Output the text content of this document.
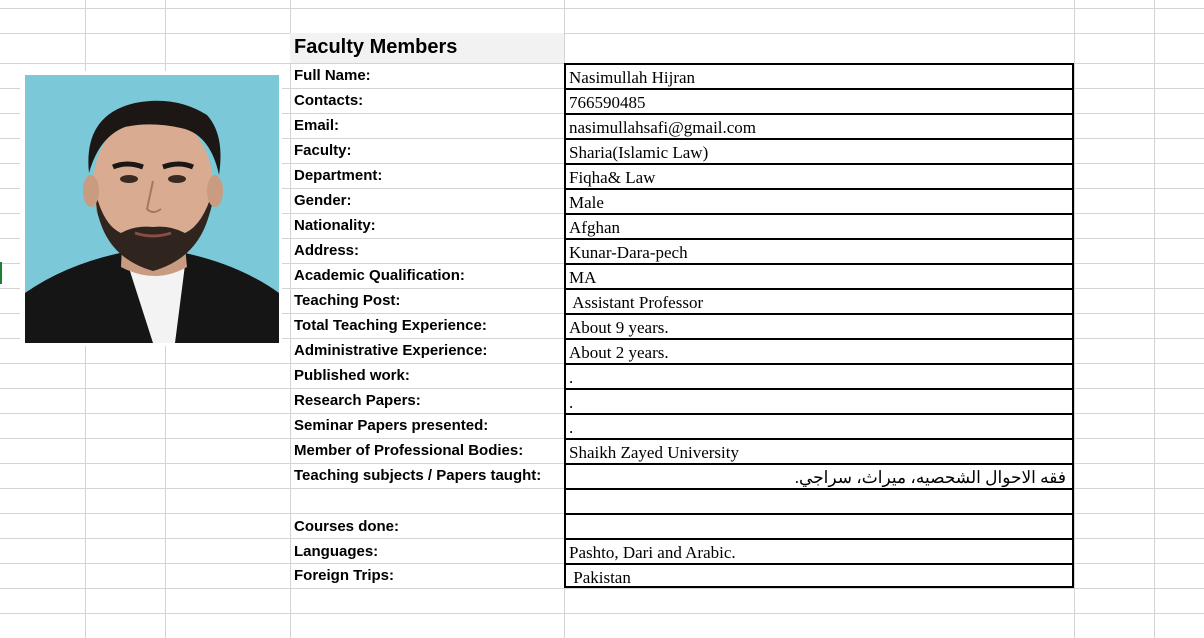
Faculty Members
Full Name:
Contacts:
Email:
Faculty:
Department:
Gender:
Nationality:
Address:
Academic Qualification:
Teaching Post:
Total Teaching Experience:
Administrative Experience:
Published work:
Research Papers:
Seminar Papers presented:
Member of Professional Bodies:
Teaching subjects / Papers taught:
Courses done:
Languages:
Foreign Trips:
Nasimullah Hijran
766590485
nasimullahsafi@gmail.com
Sharia(Islamic Law)
Fiqha& Law
Male
Afghan
Kunar-Dara-pech
MA
Assistant Professor
About 9 years.
About 2 years.
.
.
.
Shaikh Zayed University
فقه الاحوال الشحصيه، ميراث، سراجي.
Pashto, Dari and Arabic.
Pakistan
